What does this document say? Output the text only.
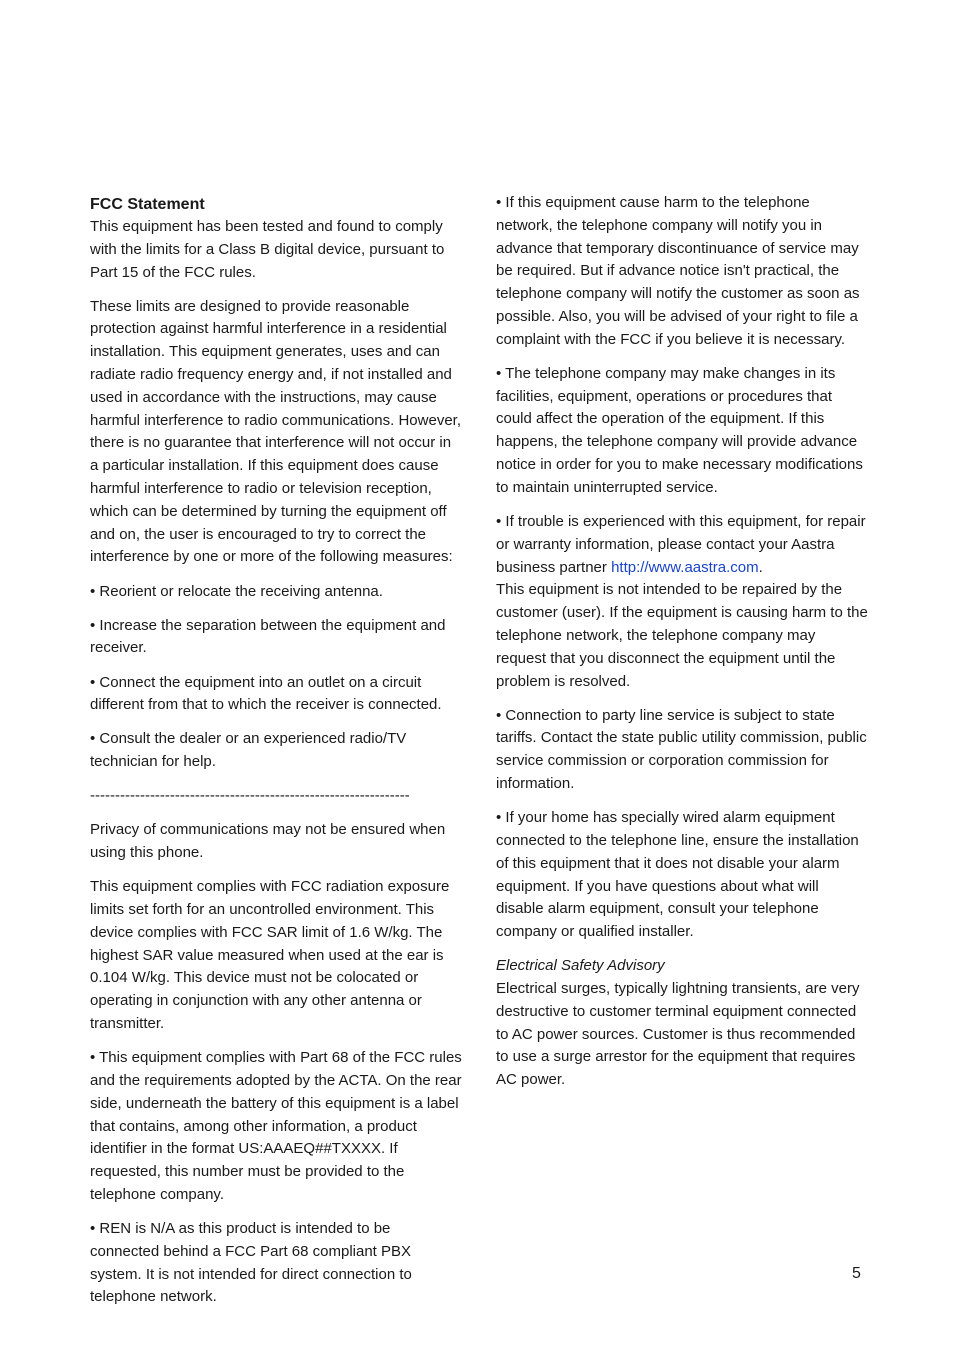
FCC Statement

This equipment has been tested and found to comply with the limits for a Class B digital device, pursuant to Part 15 of the FCC rules.

These limits are designed to provide reasonable protection against harmful interference in a residential installation. This equipment generates, uses and can radiate radio frequency energy and, if not installed and used in accordance with the instructions, may cause harmful interference to radio communications. However, there is no guarantee that interference will not occur in a particular installation. If this equipment does cause harmful interference to radio or television reception, which can be determined by turning the equipment off and on, the user is encouraged to try to correct the interference by one or more of the following measures:

• Reorient or relocate the receiving antenna.

• Increase the separation between the equipment and receiver.

• Connect the equipment into an outlet on a circuit different from that to which the receiver is connected.

• Consult the dealer or an experienced radio/TV technician for help.

----------------------------------------------------------------

Privacy of communications may not be ensured when using this phone.

This equipment complies with FCC radiation exposure limits set forth for an uncontrolled environment. This device complies with FCC SAR limit of 1.6 W/kg. The highest SAR value measured when used at the ear is 0.104 W/kg. This device must not be colocated or operating in conjunction with any other antenna or transmitter.

• This equipment complies with Part 68 of the FCC rules and the requirements adopted by the ACTA. On the rear side, underneath the battery of this equipment is a label that contains, among other information, a product identifier in the format US:AAAEQ##TXXXX. If requested, this number must be provided to the telephone company.

• REN is N/A as this product is intended to be connected behind a FCC Part 68 compliant PBX system. It is not intended for direct connection to telephone network.

• If this equipment cause harm to the telephone network, the telephone company will notify you in advance that temporary discontinuance of service may be required. But if advance notice isn't practical, the telephone company will notify the customer as soon as possible. Also, you will be advised of your right to file a complaint with the FCC if you believe it is necessary.

• The telephone company may make changes in its facilities, equipment, operations or procedures that could affect the operation of the equipment. If this happens, the telephone company will provide advance notice in order for you to make necessary modifications to maintain uninterrupted service.

• If trouble is experienced with this equipment, for repair or warranty information, please contact your Aastra business partner http://www.aastra.com.

This equipment is not intended to be repaired by the customer (user). If the equipment is causing harm to the telephone network, the telephone company may request that you disconnect the equipment until the problem is resolved.

• Connection to party line service is subject to state tariffs. Contact the state public utility commission, public service commission or corporation commission for information.

• If your home has specially wired alarm equipment connected to the telephone line, ensure the installation of this equipment that it does not disable your alarm equipment. If you have questions about what will disable alarm equipment, consult your telephone company or qualified installer.

Electrical Safety Advisory

Electrical surges, typically lightning transients, are very destructive to customer terminal equipment connected to AC power sources. Customer is thus recommended to use a surge arrestor for the equipment that requires AC power.

5
